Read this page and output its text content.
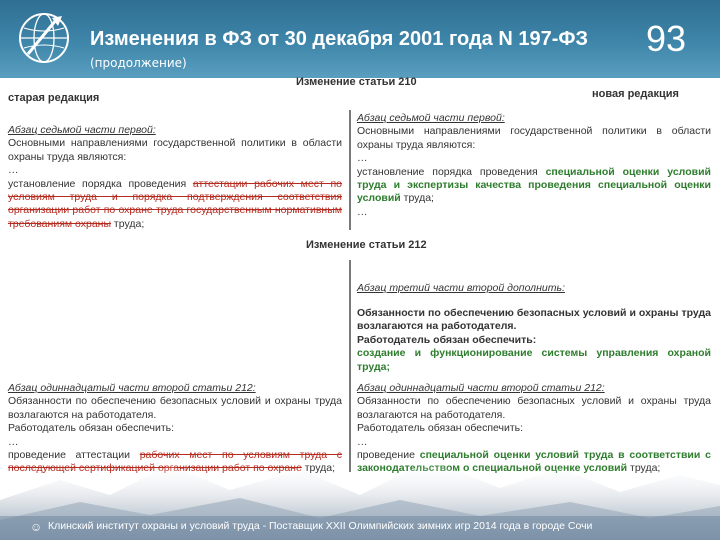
Изменения в ФЗ от 30 декабря 2001 года N 197-ФЗ
(продолжение)
93
Изменение статьи 210
старая редакция	новая редакция

Абзац седьмой части первой:

Основными направлениями государственной политики в области охраны труда являются:

…

установление порядка проведения аттестации рабочих мест по условиям труда и порядка подтверждения соответствия организации работ по охране труда государственным нормативным требованиям охраны труда;

Абзац седьмой части первой:

Основными направлениями государственной политики в области охраны труда являются:

…

установление порядка проведения специальной оценки условий труда и экспертизы качества проведения специальной оценки условий труда;

…

Изменение статьи 212

Абзац третий части второй дополнить:

Обязанности по обеспечению безопасных условий и охраны труда возлагаются на работодателя.

Работодатель обязан обеспечить:

создание и функционирование системы управления охраной труда;

Абзац одиннадцатый части второй статьи 212:

Обязанности по обеспечению безопасных условий и охраны труда возлагаются на работодателя.

Работодатель обязан обеспечить:

…

проведение аттестации рабочих мест по условиям труда с последующей сертификацией организации работ по охране труда;

Абзац одиннадцатый части второй статьи 212:

Обязанности по обеспечению безопасных условий и охраны труда возлагаются на работодателя.

Работодатель обязан обеспечить:

…

проведение специальной оценки условий труда в соответствии с законодательством о специальной оценке условий труда;

☺ Клинский институт охраны и условий труда - Поставщик XXII Олимпийских зимних игр 2014 года в городе Сочи
